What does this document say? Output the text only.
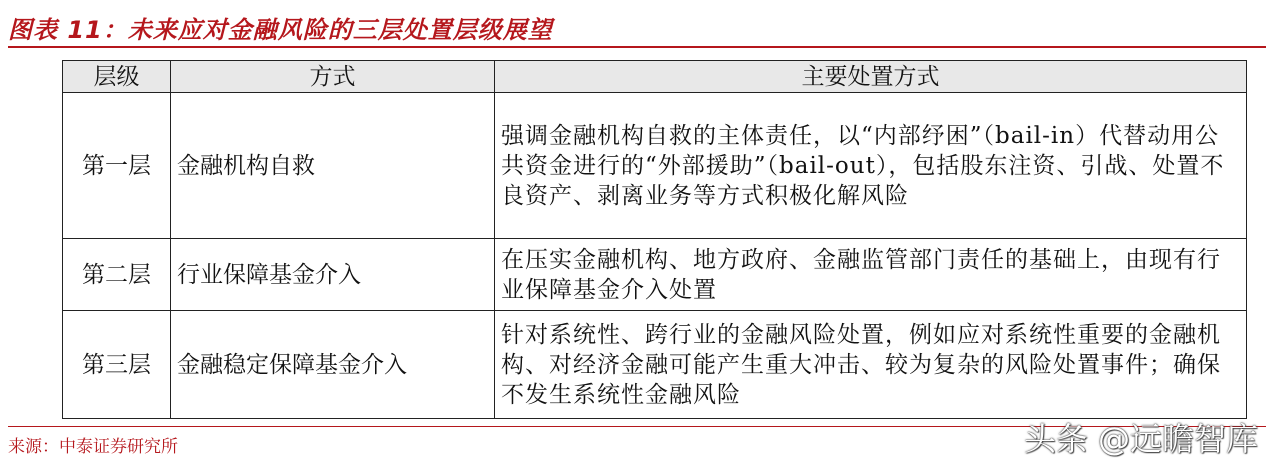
图表 11：未来应对金融风险的三层处置层级展望
层级	方式	主要处置方式
第一层	金融机构自救	强调金融机构自救的主体责任，以“内部纾困”（bail-in）代替动用公共资金进行的“外部援助”（bail-out），包括股东注资、引战、处置不良资产、剥离业务等方式积极化解风险
第二层	行业保障基金介入	在压实金融机构、地方政府、金融监管部门责任的基础上，由现有行业保障基金介入处置
第三层	金融稳定保障基金介入	针对系统性、跨行业的金融风险处置，例如应对系统性重要的金融机构、对经济金融可能产生重大冲击、较为复杂的风险处置事件；确保不发生系统性金融风险
来源：中泰证券研究所	头条 @远瞻智库
